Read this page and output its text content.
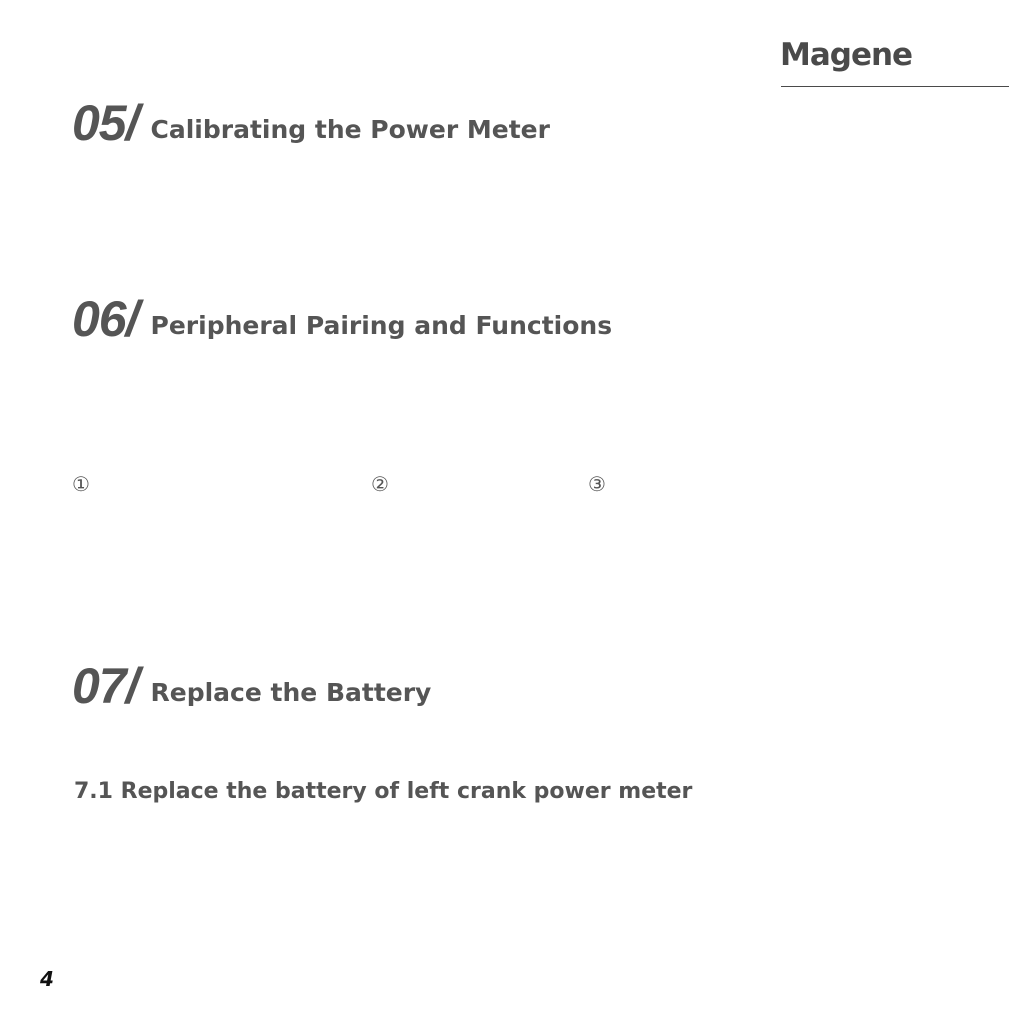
Magene
05/ Calibrating the Power Meter
06/ Peripheral Pairing and Functions
①	②	③
07/ Replace the Battery
7.1 Replace the battery of left crank power meter
4
